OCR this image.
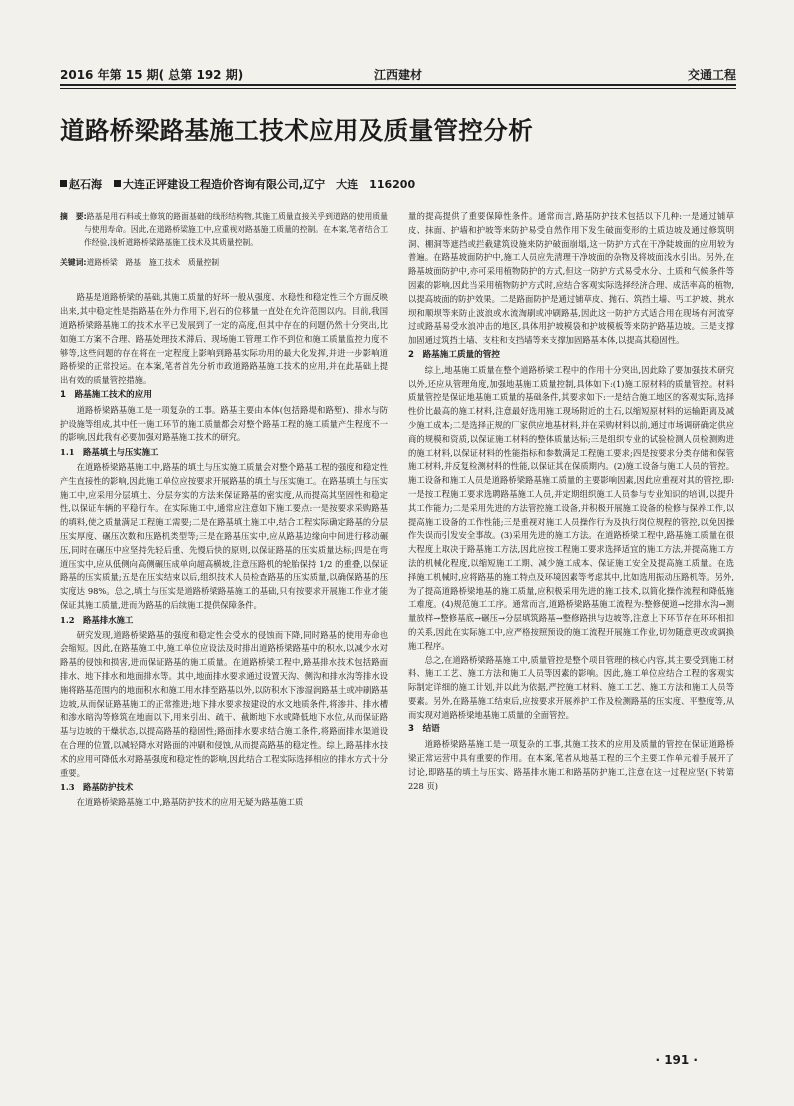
2016 年第 15 期( 总第 192 期)	江西建材	交通工程
道路桥梁路基施工技术应用及质量管控分析
赵石海 大连正评建设工程造价咨询有限公司,辽宁　大连　116200
摘　要:路基是用石料或土修筑的路面基础的线形结构物,其施工质量直接关乎到道路的使用质量与使用寿命。因此,在道路桥梁施工中,应重视对路基施工质量的控制。在本案,笔者结合工作经验,浅析道路桥梁路基施工技术及其质量控制。
关键词:道路桥梁　路基　施工技术　质量控制

路基是道路桥梁的基础,其施工质量的好坏一般从强度、水稳性和稳定性三个方面反映出来,其中稳定性是指路基在外力作用下,岩石的位移量一直处在允许范围以内。目前,我国道路桥梁路基施工的技术水平已发展到了一定的高度,但其中存在的问题仍然十分突出,比如施工方案不合理、路基处理技术滞后、现场施工管理工作不到位和施工质量监控力度不够等,这些问题的存在将在一定程度上影响到路基实际功用的最大化发挥,并进一步影响道路桥梁的正常投运。在本案,笔者首先分析市政道路路基施工技术的应用,并在此基础上提出有效的质量管控措施。

1　路基施工技术的应用

道路桥梁路基施工是一项复杂的工事。路基主要由本体(包括路堤和路堑)、排水与防护设施等组成,其中任一施工环节的施工质量都会对整个路基工程的施工质量产生程度不一的影响,因此我有必要加强对路基施工技术的研究。

1.1　路基填土与压实施工

在道路桥梁路基施工中,路基的填土与压实施工质量会对整个路基工程的强度和稳定性产生直接性的影响,因此施工单位应按要求开展路基的填土与压实施工。在路基填土与压实施工中,应采用分层填土、分层夯实的方法来保证路基的密实度,从而提高其坚固性和稳定性,以保证车辆的平稳行车。在实际施工中,通常应注意如下施工要点:一是按要求采购路基的填料,使之质量满足工程施工需要;二是在路基填土施工中,结合工程实际确定路基的分层压实厚度、碾压次数和压路机类型等;三是在路基压实中,应从路基边缘向中间进行移动碾压,同时在碾压中应坚持先轻后重、先慢后快的原则,以保证路基的压实质量达标;四是在弯道压实中,应从低侧向高侧碾压成单向超高横坡,注意压路机的轮胎保持 1/2 的重叠,以保证路基的压实质量;五是在压实结束以后,组织技术人员检查路基的压实质量,以确保路基的压实度达 98%。总之,填土与压实是道路桥梁路基施工的基础,只有按要求开展施工作业才能保证其施工质量,进而为路基的后续施工提供保障条件。

1.2　路基排水施工

研究发现,道路桥梁路基的强度和稳定性会受水的侵蚀而下降,同时路基的使用寿命也会缩短。因此,在路基施工中,施工单位应设法及时排出道路桥梁路基中的积水,以减少水对路基的侵蚀和损害,进而保证路基的施工质量。在道路桥梁工程中,路基排水技术包括路面排水、地下排水和地面排水等。其中,地面排水要求通过设置天沟、侧沟和排水沟等排水设施将路基范围内的地面积水和施工用水排至路基以外,以防积水下渗湿润路基土或冲刷路基边坡,从而保证路基施工的正常推进;地下排水要求按建设的水文地质条件,将渗井、排水槽和渗水暗沟等修筑在地面以下,用来引出、疏干、截断地下水或降低地下水位,从而保证路基与边坡的干燥状态,以提高路基的稳固性;路面排水要求结合施工条件,将路面排水渠道设在合理的位置,以减轻降水对路面的冲刷和侵蚀,从而提高路基的稳定性。综上,路基排水技术的应用可降低水对路基强度和稳定性的影响,因此结合工程实际选择相应的排水方式十分重要。

1.3　路基防护技术

在道路桥梁路基施工中,路基防护技术的应用无疑为路基施工质

量的提高提供了重要保障性条件。通常而言,路基防护技术包括以下几种:一是通过铺草皮、抹面、护墙和护坡等来防护易受自然作用下发生破面变形的土质边坡及通过修筑明洞、棚洞等遮挡或拦截建筑设施来防护破面崩塌,这一防护方式在干净陡坡面的应用较为普遍。在路基坡面防护中,施工人员应先清理干净坡面的杂物及将坡面浅水引出。另外,在路基坡面防护中,亦可采用植物防护的方式,但这一防护方式易受水分、土质和气候条件等因素的影响,因此当采用植物防护方式时,应结合客观实际选择经济合理、成活率高的植物,以提高坡面的防护效果。二是路面防护是通过铺草皮、抛石、筑挡土墙、丐工护坡、挑水坝和顺坝等来防止波浪或水流淘刷或冲刷路基,因此这一防护方式适合用在现场有河流穿过或路基易受水浪冲击的地区,具体用护坡模袋和护坡模板等来防护路基边坡。三是支撑加固通过筑挡土墙、支柱和支挡墙等来支撑加固路基本体,以提高其稳固性。

2　路基施工质量的管控

综上,地基施工质量在整个道路桥梁工程中的作用十分突出,因此除了要加强技术研究以外,还应从管理角度,加强地基施工质量控制,具体如下:(1)施工原材料的质量管控。材料质量管控是保证地基施工质量的基础条件,其要求如下:一是结合施工地区的客观实际,选择性价比最高的施工材料,注意最好选用施工现场附近的土石,以缩短原材料的运输距离及减少施工成本;二是选择正规的厂家供应地基材料,并在采购材料以前,通过市场调研确定供应商的规模和资质,以保证施工材料的整体质量达标;三是组织专业的试验检测人员检测购进的施工材料,以保证材料的性能指标和参数满足工程施工要求;四是按要求分类存储和保管施工材料,并反复检测材料的性能,以保证其在保质期内。(2)施工设备与施工人员的管控。施工设备和施工人员是道路桥梁路基施工质量的主要影响因素,因此应重视对其的管控,即:一是按工程施工要求选聘路基施工人员,并定期组织施工人员参与专业知识的培训,以提升其工作能力;二是采用先进的方法管控施工设备,并积极开展施工设备的检修与保养工作,以提高施工设备的工作性能;三是重视对施工人员操作行为及执行岗位规程的管控,以免因操作失误而引发安全事故。(3)采用先进的施工方法。在道路桥梁工程中,路基施工质量在很大程度上取决于路基施工方法,因此应按工程施工要求选择适宜的施工方法,并提高施工方法的机械化程度,以缩短施工工期、减少施工成本、保证施工安全及提高施工质量。在选择施工机械时,应将路基的施工特点及环境因素等考虑其中,比如选用振动压路机等。另外,为了提高道路桥梁地基的施工质量,应积极采用先进的施工技术,以简化操作流程和降低施工难度。(4)规范施工工序。通常而言,道路桥梁路基施工流程为:整修便道→挖排水沟→测量放样→整修基底→碾压→分层填筑路基→整修路拱与边坡等,注意上下环节存在环环相扣的关系,因此在实际施工中,应严格按照预设的施工流程开展施工作业,切勿随意更改或调换施工程序。

总之,在道路桥梁路基施工中,质量管控是整个项目管理的核心内容,其主要受到施工材料、施工工艺、施工方法和施工人员等因素的影响。因此,施工单位应结合工程的客观实际制定详细的施工计划,并以此为依据,严控施工材料、施工工艺、施工方法和施工人员等要素。另外,在路基施工结束后,应按要求开展养护工作及检测路基的压实度、平整度等,从而实现对道路桥梁地基施工质量的全面管控。

3　结语

道路桥梁路基施工是一项复杂的工事,其施工技术的应用及质量的管控在保证道路桥梁正常运营中具有重要的作用。在本案,笔者从地基工程的三个主要工作单元着手展开了讨论,即路基的填土与压实、路基排水施工和路基防护施工,注意在这一过程应坚(下转第 228 页)

· 191 ·
